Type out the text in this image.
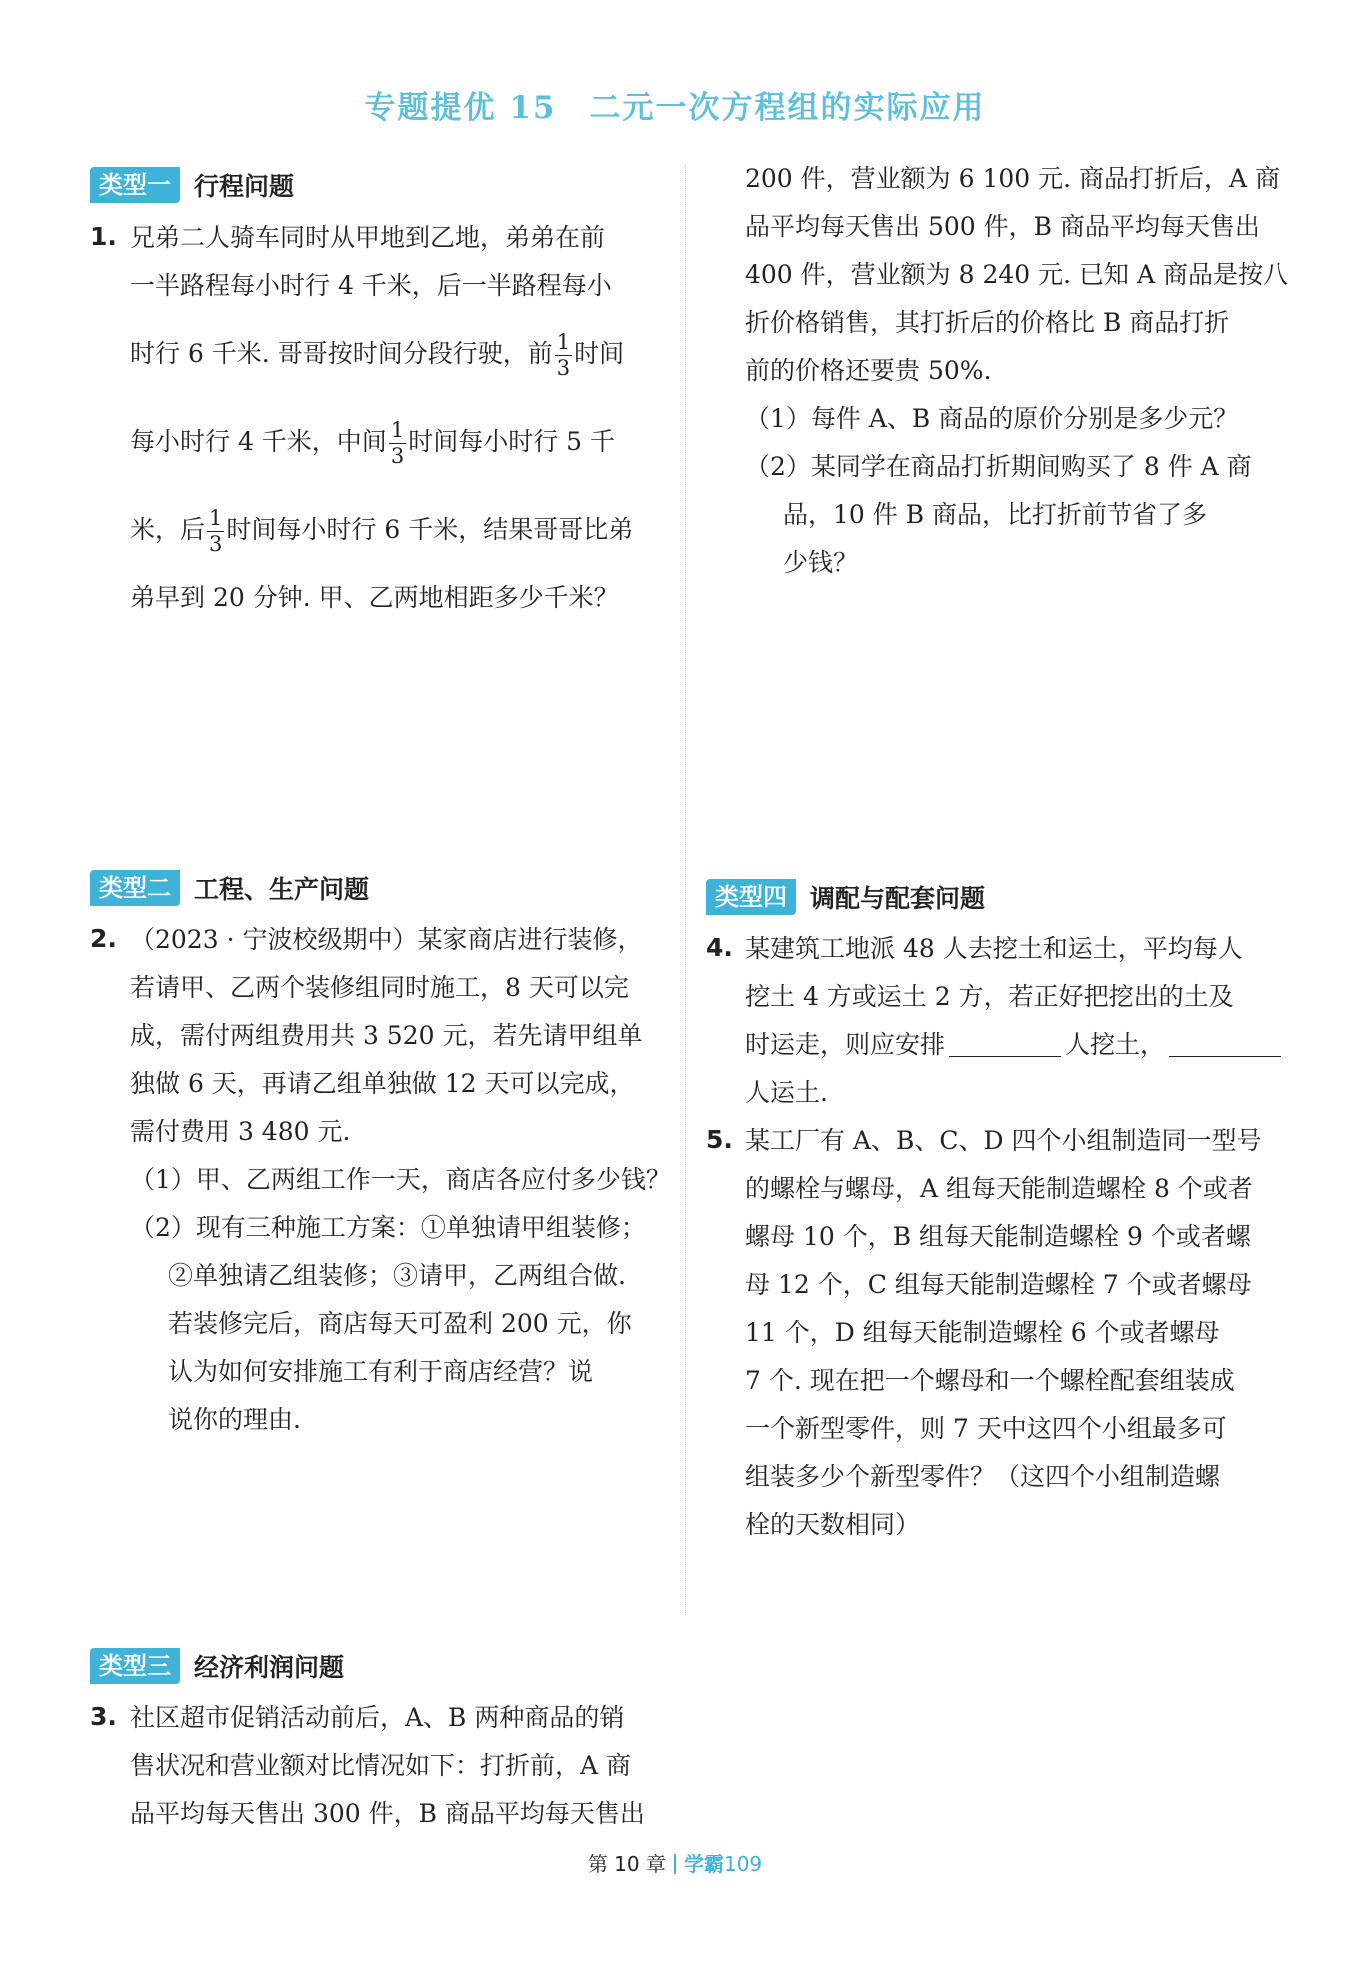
专题提优 15　二元一次方程组的实际应用
类型一 行程问题
1. 兄弟二人骑车同时从甲地到乙地，弟弟在前
一半路程每小时行 4 千米，后一半路程每小
时行 6 千米. 哥哥按时间分段行驶，前 $\frac{1}{3}$ 时间
每小时行 4 千米，中间 $\frac{1}{3}$ 时间每小时行 5 千
米，后 $\frac{1}{3}$ 时间每小时行 6 千米，结果哥哥比弟
弟早到 20 分钟. 甲、乙两地相距多少千米？
类型二 工程、生产问题
2. （2023 · 宁波校级期中）某家商店进行装修，
若请甲、乙两个装修组同时施工，8 天可以完
成，需付两组费用共 3 520 元，若先请甲组单
独做 6 天，再请乙组单独做 12 天可以完成，
需付费用 3 480 元.
（1）甲、乙两组工作一天，商店各应付多少钱？
（2）现有三种施工方案：①单独请甲组装修；
②单独请乙组装修；③请甲，乙两组合做.
若装修完后，商店每天可盈利 200 元，你
认为如何安排施工有利于商店经营？说
说你的理由.
类型三 经济利润问题
3. 社区超市促销活动前后，A、B 两种商品的销
售状况和营业额对比情况如下：打折前，A 商
品平均每天售出 300 件，B 商品平均每天售出
200 件，营业额为 6 100 元. 商品打折后，A 商
品平均每天售出 500 件，B 商品平均每天售出
400 件，营业额为 8 240 元. 已知 A 商品是按八
折价格销售，其打折后的价格比 B 商品打折
前的价格还要贵 50%.
（1）每件 A、B 商品的原价分别是多少元？
（2）某同学在商品打折期间购买了 8 件 A 商
品，10 件 B 商品，比打折前节省了多
少钱？
类型四 调配与配套问题
4. 某建筑工地派 48 人去挖土和运土，平均每人
挖土 4 方或运土 2 方，若正好把挖出的土及
时运走，则应安排	人挖土，
人运土.
5. 某工厂有 A、B、C、D 四个小组制造同一型号
的螺栓与螺母，A 组每天能制造螺栓 8 个或者
螺母 10 个，B 组每天能制造螺栓 9 个或者螺
母 12 个，C 组每天能制造螺栓 7 个或者螺母
11 个，D 组每天能制造螺栓 6 个或者螺母
7 个. 现在把一个螺母和一个螺栓配套组装成
一个新型零件，则 7 天中这四个小组最多可
组装多少个新型零件？（这四个小组制造螺
栓的天数相同）
第 10 章 学霸109
